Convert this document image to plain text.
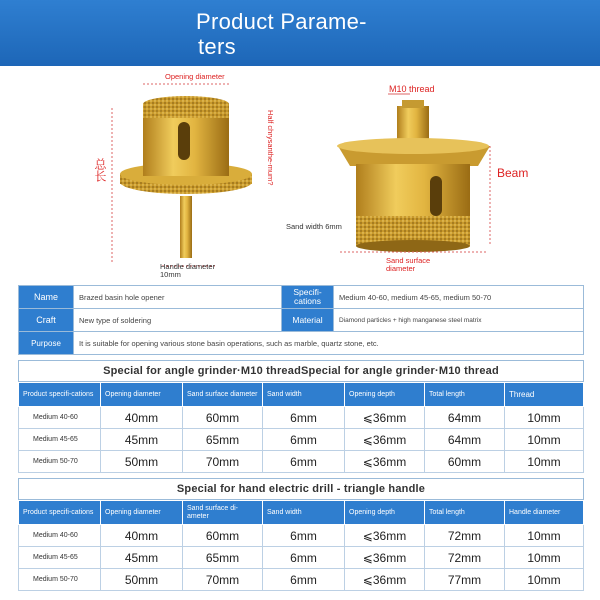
Product Parame-
ters
Opening diameter
Half chrysanthe-mum?
总长
Handle diameter
10mm
M10 thread
Beam
Sand width 6mm
Sand surface
diameter
Name	Brazed basin hole opener	Specifi-cations	Medium 40-60, medium 45-65, medium 50-70
Craft	New type of soldering	Material	Diamond particles + high manganese steel matrix
Purpose	It is suitable for opening various stone basin operations, such as marble, quartz stone, etc.		
Special for angle grinder·M10 threadSpecial for angle grinder·M10 thread
Product specifi-cations	Opening diameter	Sand surface diameter	Sand width	Opening depth	Total length	Thread
Medium 40-60	40mm	60mm	6mm	⩽36mm	64mm	10mm
Medium 45-65	45mm	65mm	6mm	⩽36mm	64mm	10mm
Medium 50-70	50mm	70mm	6mm	⩽36mm	60mm	10mm
Special for hand electric drill - triangle handle
Product specifi-cations	Opening diameter	Sand surface di-ameter	Sand width	Opening depth	Total length	Handle diameter
Medium 40-60	40mm	60mm	6mm	⩽36mm	72mm	10mm
Medium 45-65	45mm	65mm	6mm	⩽36mm	72mm	10mm
Medium 50-70	50mm	70mm	6mm	⩽36mm	77mm	10mm
